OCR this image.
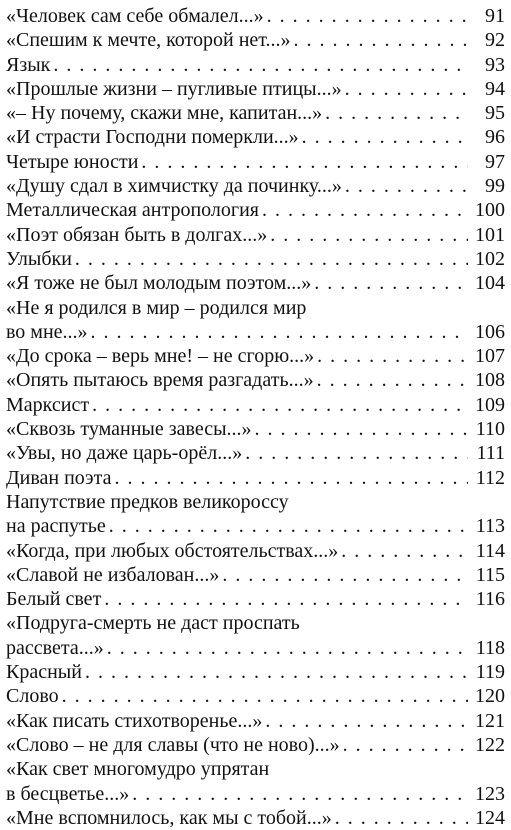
«Человек сам себе обмалел...» . . .	91
«Спешим к мечте, которой нет...» . . .	92
Язык . . .	93
«Прошлые жизни – пугливые птицы...» . . .	94
«– Ну почему, скажи мне, капитан...» . . .	95
«И страсти Господни померкли...» . . .	96
Четыре юности . . .	97
«Душу сдал в химчистку да починку...» . . .	99
Металлическая антропология . . .	100
«Поэт обязан быть в долгах...» . . .	101
Улыбки . . .	102
«Я тоже не был молодым поэтом...» . . .	104
«Не я родился в мир – родился мир
во мне...» . . .	106
«До срока – верь мне! – не сгорю...» . . .	107
«Опять пытаюсь время разгадать...» . . .	108
Марксист . . .	109
«Сквозь туманные завесы...» . . .	110
«Увы, но даже царь-орёл...» . . .	111
Диван поэта . . .	112
Напутствие предков великороссу
на распутье . . .	113
«Когда, при любых обстоятельствах...» . . .	114
«Славой не избалован...» . . .	115
Белый свет . . .	116
«Подруга-смерть не даст проспать
рассвета...» . . .	118
Красный . . .	119
Слово . . .	120
«Как писать стихотворенье...» . . .	121
«Слово – не для славы (что не ново)...» . . .	122
«Как свет многомудро упрятан
в бесцветье...» . . .	123
«Мне вспомнилось, как мы с тобой...» . . .	124
